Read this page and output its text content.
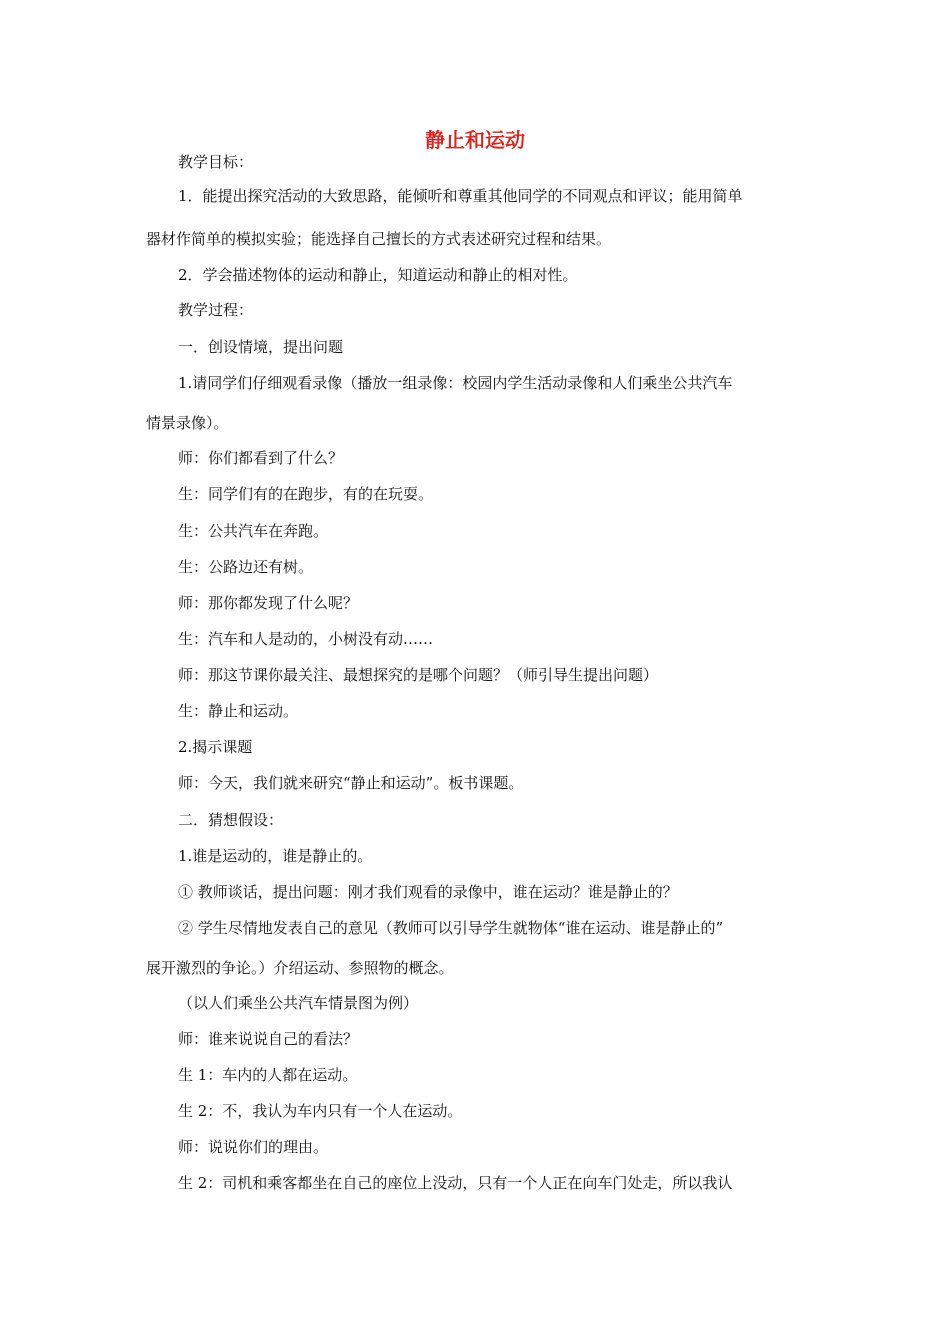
静止和运动
教学目标：
1．能提出探究活动的大致思路，能倾听和尊重其他同学的不同观点和评议；能用简单
器材作简单的模拟实验；能选择自己擅长的方式表述研究过程和结果。
2．学会描述物体的运动和静止，知道运动和静止的相对性。
教学过程：
一．创设情境，提出问题
1.请同学们仔细观看录像（播放一组录像：校园内学生活动录像和人们乘坐公共汽车
情景录像）。
师：你们都看到了什么？
生：同学们有的在跑步，有的在玩耍。
生：公共汽车在奔跑。
生：公路边还有树。
师：那你都发现了什么呢？
生：汽车和人是动的，小树没有动……
师：那这节课你最关注、最想探究的是哪个问题？（师引导生提出问题）
生：静止和运动。
2.揭示课题
师：今天，我们就来研究“静止和运动”。板书课题。
二．猜想假设：
1.谁是运动的，谁是静止的。
① 教师谈话，提出问题：刚才我们观看的录像中，谁在运动？谁是静止的？
② 学生尽情地发表自己的意见（教师可以引导学生就物体“谁在运动、谁是静止的”
展开激烈的争论。）介绍运动、参照物的概念。
（以人们乘坐公共汽车情景图为例）
师：谁来说说自己的看法？
生 1：车内的人都在运动。
生 2：不，我认为车内只有一个人在运动。
师：说说你们的理由。
生 2：司机和乘客都坐在自己的座位上没动，只有一个人正在向车门处走，所以我认
